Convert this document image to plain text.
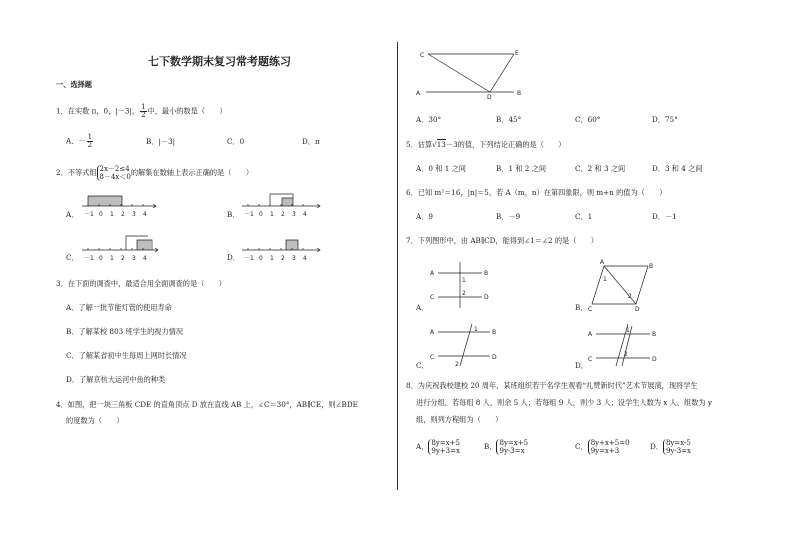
七下数学期末复习常考题练习
一、选择题
1．在实数 π，0，|－3|， $\frac{1}{2}$ 中，最小的数是（　　）
A．－ $\frac{1}{2}$	B．|－3|	C．0	D．π
2．不等式组 2x－2≤4
8－4x＜0的解集在数轴上表示正确的是（　　）
A． －1 0 1 2 3 4	B． －1 0 1 2 3 4
C． －1 0 1 2 3 4	D． －1 0 1 2 3 4
3．在下面的调查中，最适合用全面调查的是（　　）
A．了解一批节能灯管的使用寿命
B．了解某校 803 班学生的视力情况
C．了解某省初中生每周上网时长情况
D．了解京杭大运河中鱼的种类
4．如图，把一块三角板 CDE 的直角顶点 D 放在直线 AB 上，∠C＝30°，AB∥CE，则∠BDE
的度数为（　　）
C	E
A
D
B
A．30°	B．45°	C．60°	D．75°
5．估算√13－3的值，下列结论正确的是（　　）
A．0 和 1 之间	B．1 和 2 之间	C．2 和 3 之间	D．3 和 4 之间
6．已知 m²＝16，|n|＝5，若 A（m，n）在第四象限，则 m+n 的值为（　　）
A．9	B．－9	C．1	D．－1
7．下列图形中，由 AB∥CD，能得到∠1＝∠2 的是（　　）
A	B
C	D
1
2
A．
A
B
C	D
1
2
B．
A	B
C	D
1
2
C．
A	B
C	D
1
2
D．
8．为庆祝我校建校 20 周年，某班组织若干名学生观看“礼赞新时代”艺术节展演，现将学生
进行分组，若每组 8 人，则余 5 人；若每组 9 人，则少 3 人；设学生人数为 x 人，组数为 y
组，则列方程组为（　　）
A． 8y=x+5
9y+3=x	B． 8y=x+5
9y-3=x	C． 8y+x+5=0
9y=x+3	D． 8y=x-5
9y-3=x
